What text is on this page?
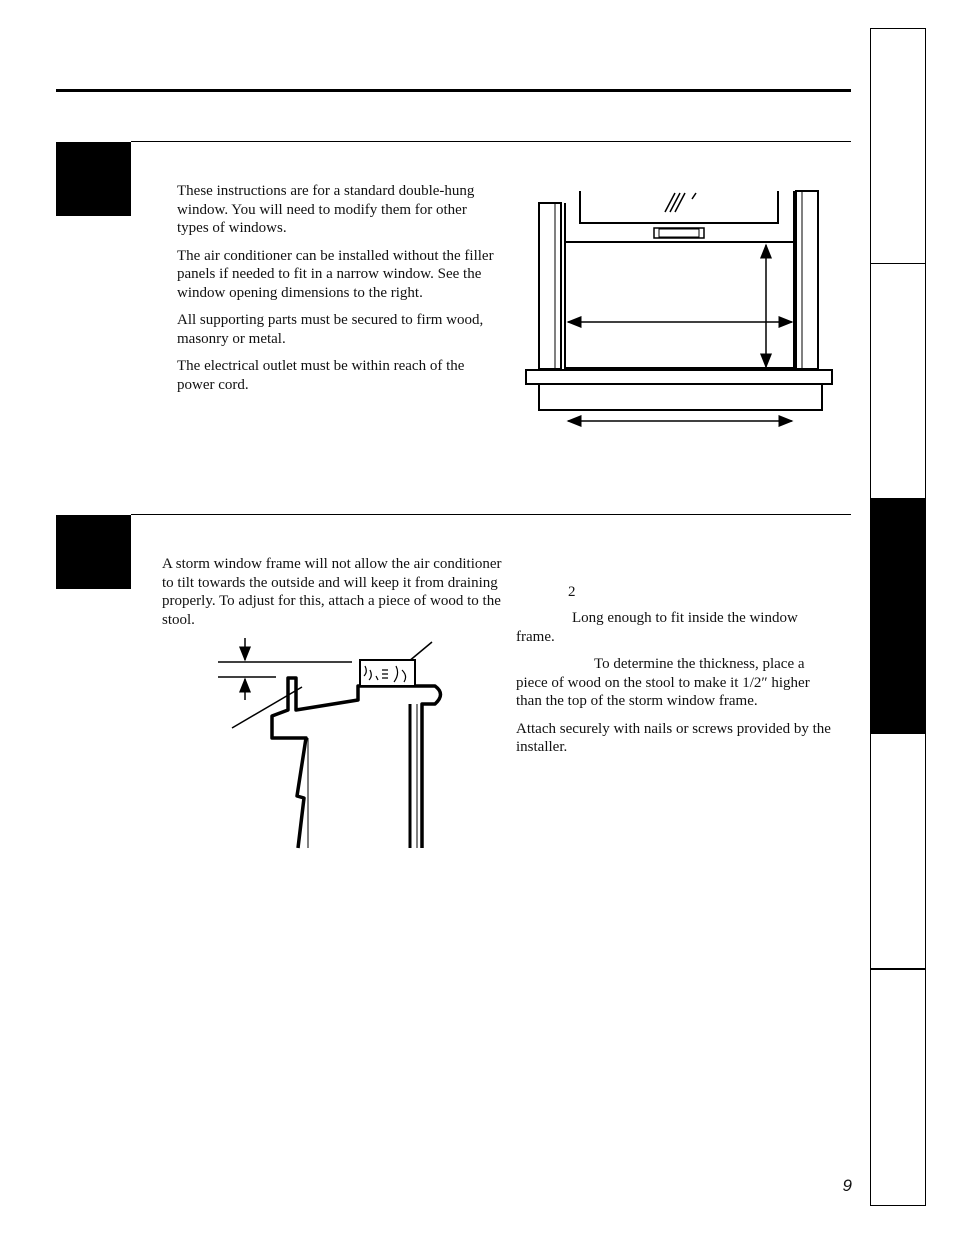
These instructions are for a standard double-hung window. You will need to modify them for other types of windows.

The air conditioner can be installed without the filler panels if needed to fit in a narrow window. See the window opening dimensions to the right.

All supporting parts must be secured to firm wood, masonry or metal.

The electrical outlet must be within reach of the power cord.

A storm window frame will not allow the air conditioner to tilt towards the outside and will keep it from draining properly. To adjust for this, attach a piece of wood to the stool.

2

Long enough to fit inside the window frame.

To determine the thickness, place a piece of wood on the stool to make it 1/2″ higher than the top of the storm window frame.

Attach securely with nails or screws provided by the installer.

9
